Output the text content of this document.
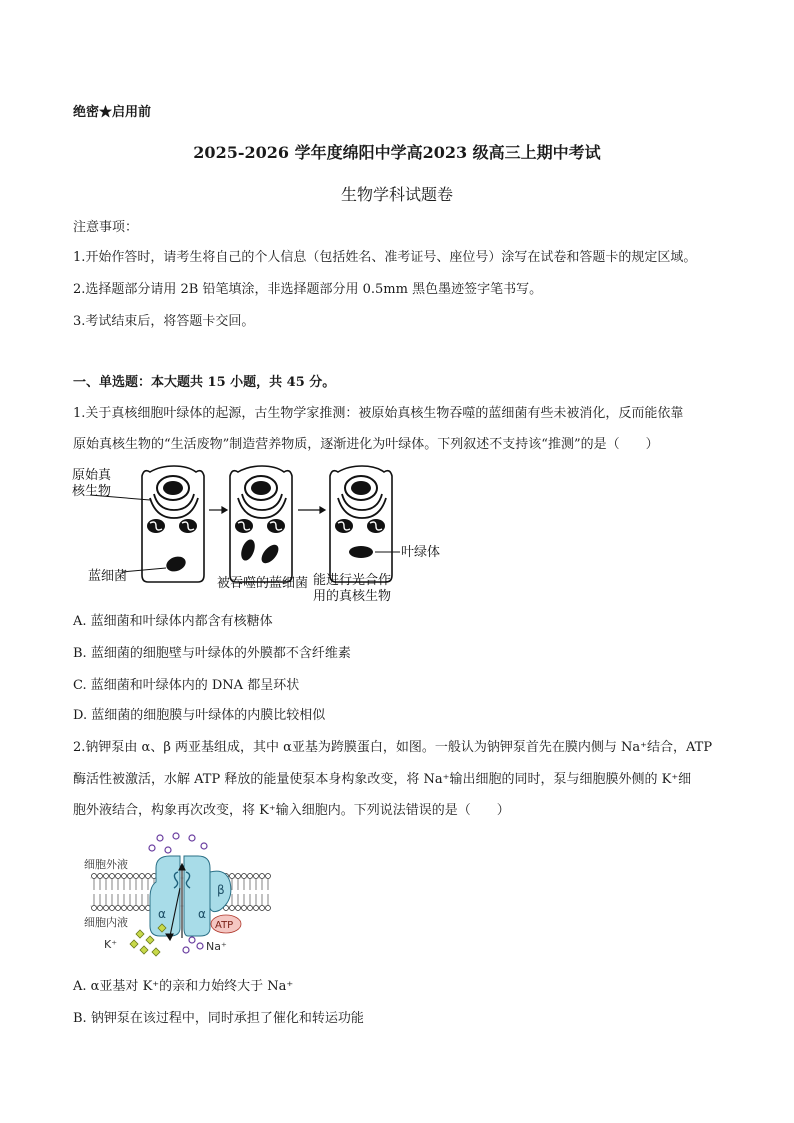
绝密★启用前
2025-2026 学年度绵阳中学高2023 级高三上期中考试
生物学科试题卷
注意事项：
1.开始作答时，请考生将自己的个人信息（包括姓名、准考证号、座位号）涂写在试卷和答题卡的规定区域。
2.选择题部分请用 2B 铅笔填涂，非选择题部分用 0.5mm 黑色墨迹签字笔书写。
3.考试结束后，将答题卡交回。
一、单选题：本大题共 15 小题，共 45 分。
1.关于真核细胞叶绿体的起源，古生物学家推测：被原始真核生物吞噬的蓝细菌有些未被消化，反而能依靠
原始真核生物的“生活废物”制造营养物质，逐渐进化为叶绿体。下列叙述不支持该“推测”的是（　　）
原始真
核生物
蓝细菌	被吞噬的蓝细菌 能进行光合作
用的真核生物
叶绿体
A. 蓝细菌和叶绿体内都含有核糖体
B. 蓝细菌的细胞壁与叶绿体的外膜都不含纤维素
C. 蓝细菌和叶绿体内的 DNA 都呈环状
D. 蓝细菌的细胞膜与叶绿体的内膜比较相似
2.钠钾泵由 α、β 两亚基组成，其中 α亚基为跨膜蛋白，如图。一般认为钠钾泵首先在膜内侧与 Na⁺结合，ATP
酶活性被激活，水解 ATP 释放的能量使泵本身构象改变，将 Na⁺输出细胞的同时，泵与细胞膜外侧的 K⁺细
胞外液结合，构象再次改变，将 K⁺输入细胞内。下列说法错误的是（　　）
细胞外液
细胞内液
K⁺	Na⁺
α	α
β
ATP
A. α亚基对 K⁺的亲和力始终大于 Na⁺
B. 钠钾泵在该过程中，同时承担了催化和转运功能
